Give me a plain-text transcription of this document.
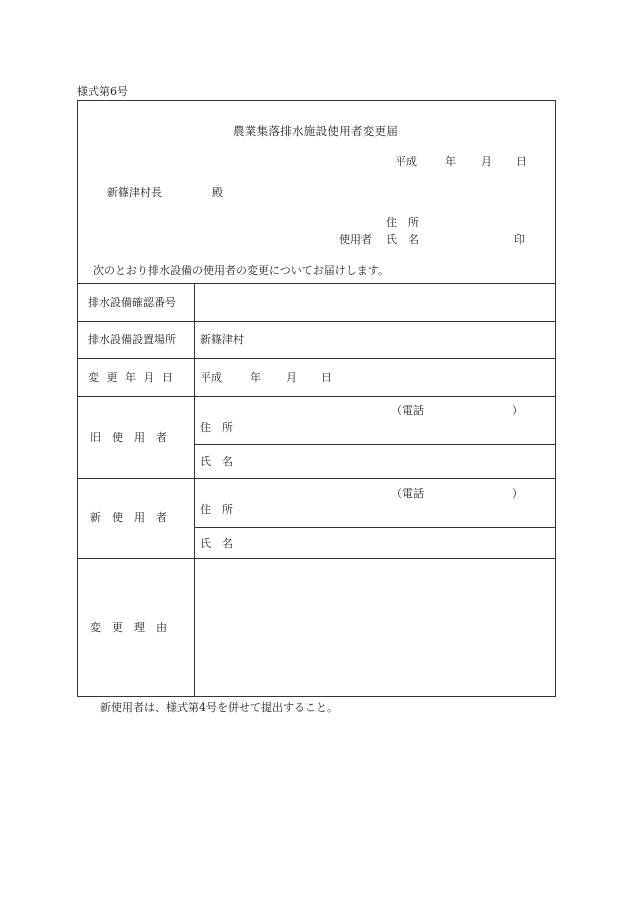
様式第6号
農業集落排水施設使用者変更届
平成	年 月 日
新篠津村長	殿
住　所
使用者 氏　名	印
次のとおり排水設備の使用者の変更についてお届けします。
排水設備確認番号
排水設備設置場所 新篠津村
変 更 年 月 日 平成	年 月 日
旧　使　用　者
（電話	）
住　所
氏　名
新　使　用　者
（電話	）
住　所
氏　名
変　更　理　由
新使用者は、様式第4号を併せて提出すること。
